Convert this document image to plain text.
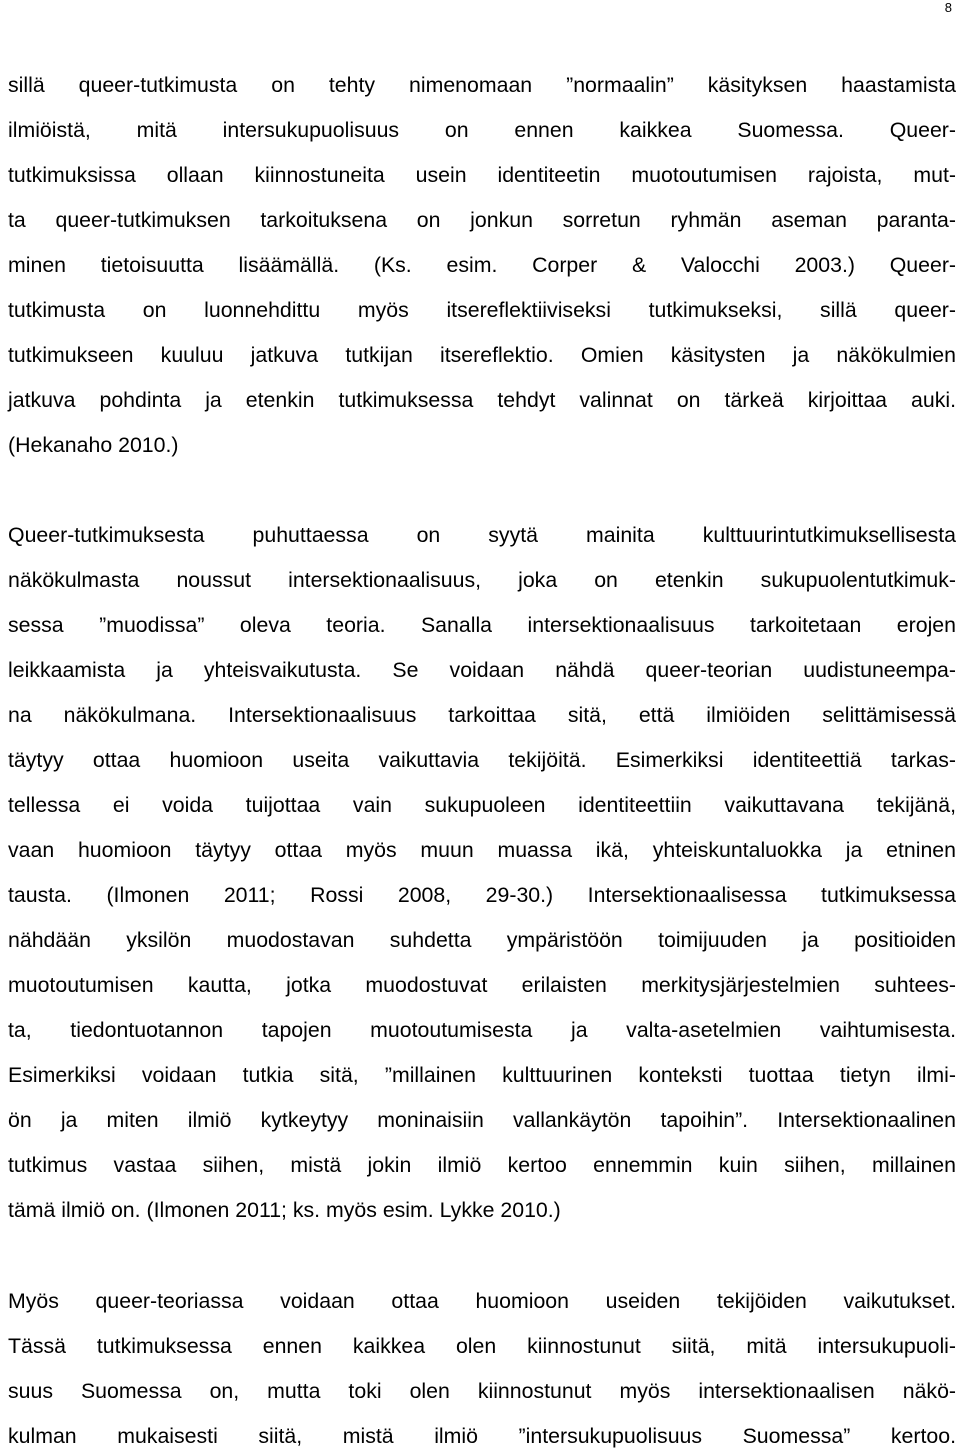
8
sillä queer-tutkimusta on tehty nimenomaan ”normaalin” käsityksen haastamista
ilmiöistä, mitä intersukupuolisuus on ennen kaikkea Suomessa. Queer-
tutkimuksissa ollaan kiinnostuneita usein identiteetin muotoutumisen rajoista, mut-
ta queer-tutkimuksen tarkoituksena on jonkun sorretun ryhmän aseman paranta-
minen tietoisuutta lisäämällä. (Ks. esim. Corper & Valocchi 2003.) Queer-
tutkimusta on luonnehdittu myös itsereflektiiviseksi tutkimukseksi, sillä queer-
tutkimukseen kuuluu jatkuva tutkijan itsereflektio. Omien käsitysten ja näkökulmien
jatkuva pohdinta ja etenkin tutkimuksessa tehdyt valinnat on tärkeä kirjoittaa auki.
(Hekanaho 2010.)
Queer-tutkimuksesta puhuttaessa on syytä mainita kulttuurintutkimuksellisesta
näkökulmasta noussut intersektionaalisuus, joka on etenkin sukupuolentutkimuk-
sessa ”muodissa” oleva teoria. Sanalla intersektionaalisuus tarkoitetaan erojen
leikkaamista ja yhteisvaikutusta. Se voidaan nähdä queer-teorian uudistuneempa-
na näkökulmana. Intersektionaalisuus tarkoittaa sitä, että ilmiöiden selittämisessä
täytyy ottaa huomioon useita vaikuttavia tekijöitä. Esimerkiksi identiteettiä tarkas-
tellessa ei voida tuijottaa vain sukupuoleen identiteettiin vaikuttavana tekijänä,
vaan huomioon täytyy ottaa myös muun muassa ikä, yhteiskuntaluokka ja etninen
tausta. (Ilmonen 2011; Rossi 2008, 29-30.) Intersektionaalisessa tutkimuksessa
nähdään yksilön muodostavan suhdetta ympäristöön toimijuuden ja positioiden
muotoutumisen kautta, jotka muodostuvat erilaisten merkitysjärjestelmien suhtees-
ta, tiedontuotannon tapojen muotoutumisesta ja valta-asetelmien vaihtumisesta.
Esimerkiksi voidaan tutkia sitä, ”millainen kulttuurinen konteksti tuottaa tietyn ilmi-
ön ja miten ilmiö kytkeytyy moninaisiin vallankäytön tapoihin”. Intersektionaalinen
tutkimus vastaa siihen, mistä jokin ilmiö kertoo ennemmin kuin siihen, millainen
tämä ilmiö on. (Ilmonen 2011; ks. myös esim. Lykke 2010.)
Myös queer-teoriassa voidaan ottaa huomioon useiden tekijöiden vaikutukset.
Tässä tutkimuksessa ennen kaikkea olen kiinnostunut siitä, mitä intersukupuoli-
suus Suomessa on, mutta toki olen kiinnostunut myös intersektionaalisen näkö-
kulman mukaisesti siitä, mistä ilmiö ”intersukupuolisuus Suomessa” kertoo.
